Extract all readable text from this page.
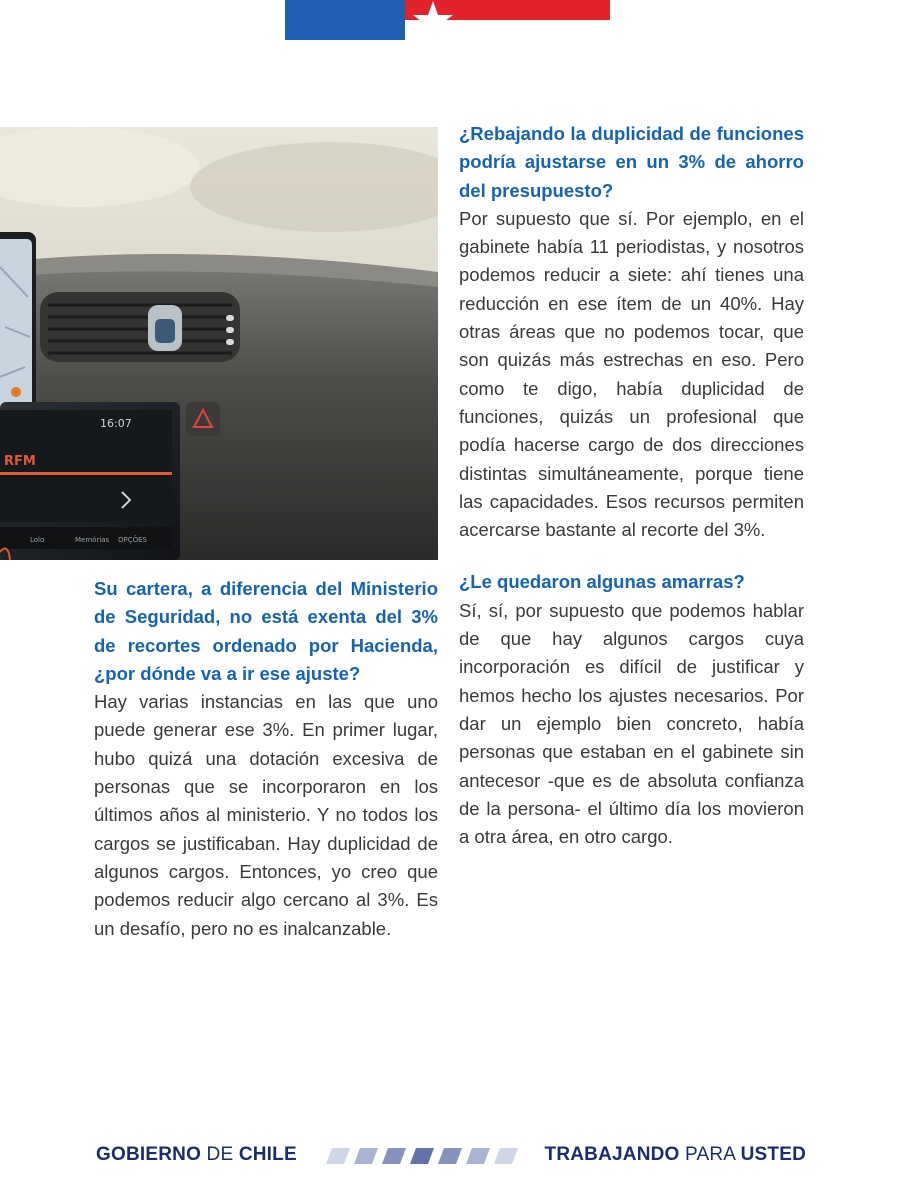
16:07
RFM
Lolo	Memórias OPÇÕES

Su cartera, a diferencia del Ministerio de Seguridad, no está exenta del 3% de recortes ordenado por Hacienda, ¿por dónde va a ir ese ajuste?

Hay varias instancias en las que uno puede generar ese 3%. En primer lugar, hubo quizá una dotación excesiva de personas que se incorporaron en los últimos años al ministerio. Y no todos los cargos se justificaban. Hay duplicidad de algunos cargos. Entonces, yo creo que podemos reducir algo cercano al 3%. Es un desafío, pero no es inalcanzable.

¿Rebajando la duplicidad de funciones podría ajustarse en un 3% de ahorro del presupuesto?

Por supuesto que sí. Por ejemplo, en el gabinete había 11 periodistas, y nosotros podemos reducir a siete: ahí tienes una reducción en ese ítem de un 40%. Hay otras áreas que no podemos tocar, que son quizás más estrechas en eso. Pero como te digo, había duplicidad de funciones, quizás un profesional que podía hacerse cargo de dos direcciones distintas simultáneamente, porque tiene las capacidades. Esos recursos permiten acercarse bastante al recorte del 3%.

¿Le quedaron algunas amarras?

Sí, sí, por supuesto que podemos hablar de que hay algunos cargos cuya incorporación es difícil de justificar y hemos hecho los ajustes necesarios. Por dar un ejemplo bien concreto, había personas que estaban en el gabinete sin antecesor -que es de absoluta confianza de la persona- el último día los movieron a otra área, en otro cargo.

GOBIERNO DE CHILE	TRABAJANDO PARA USTED
